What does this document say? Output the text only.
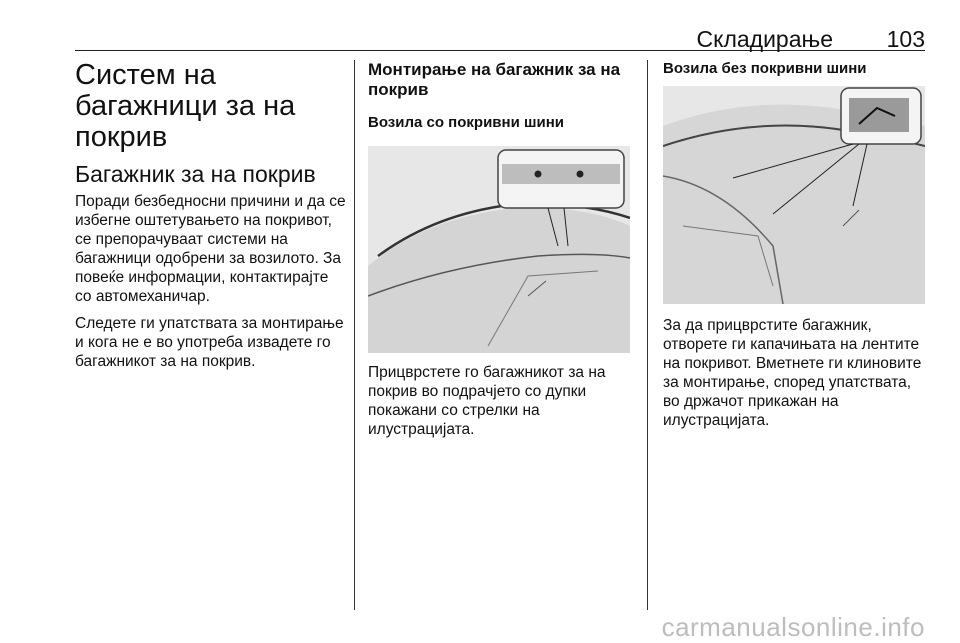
Складирање 103
Систем на багажници за на покрив
Багажник за на покрив

Поради безбедносни причини и да се избегне оштетувањето на покривот, се препорачуваат системи на багажници одобрени за возилото. За повеќе информации, контактирајте со автомеханичар.

Следете ги упатствата за монтирање и кога не е во употреба извадете го багажникот за на покрив.

Монтирање на багажник за на покрив
Возила со покривни шини

Прицврстете го багажникот за на покрив во подрачјето со дупки покажани со стрелки на илустрацијата.

Возила без покривни шини

За да прицврстите багажник, отворете ги капачињата на лентите на покривот. Вметнете ги клиновите за монтирање, според упатствата, во држачот прикажан на илустрацијата.

carmanualsonline.info
